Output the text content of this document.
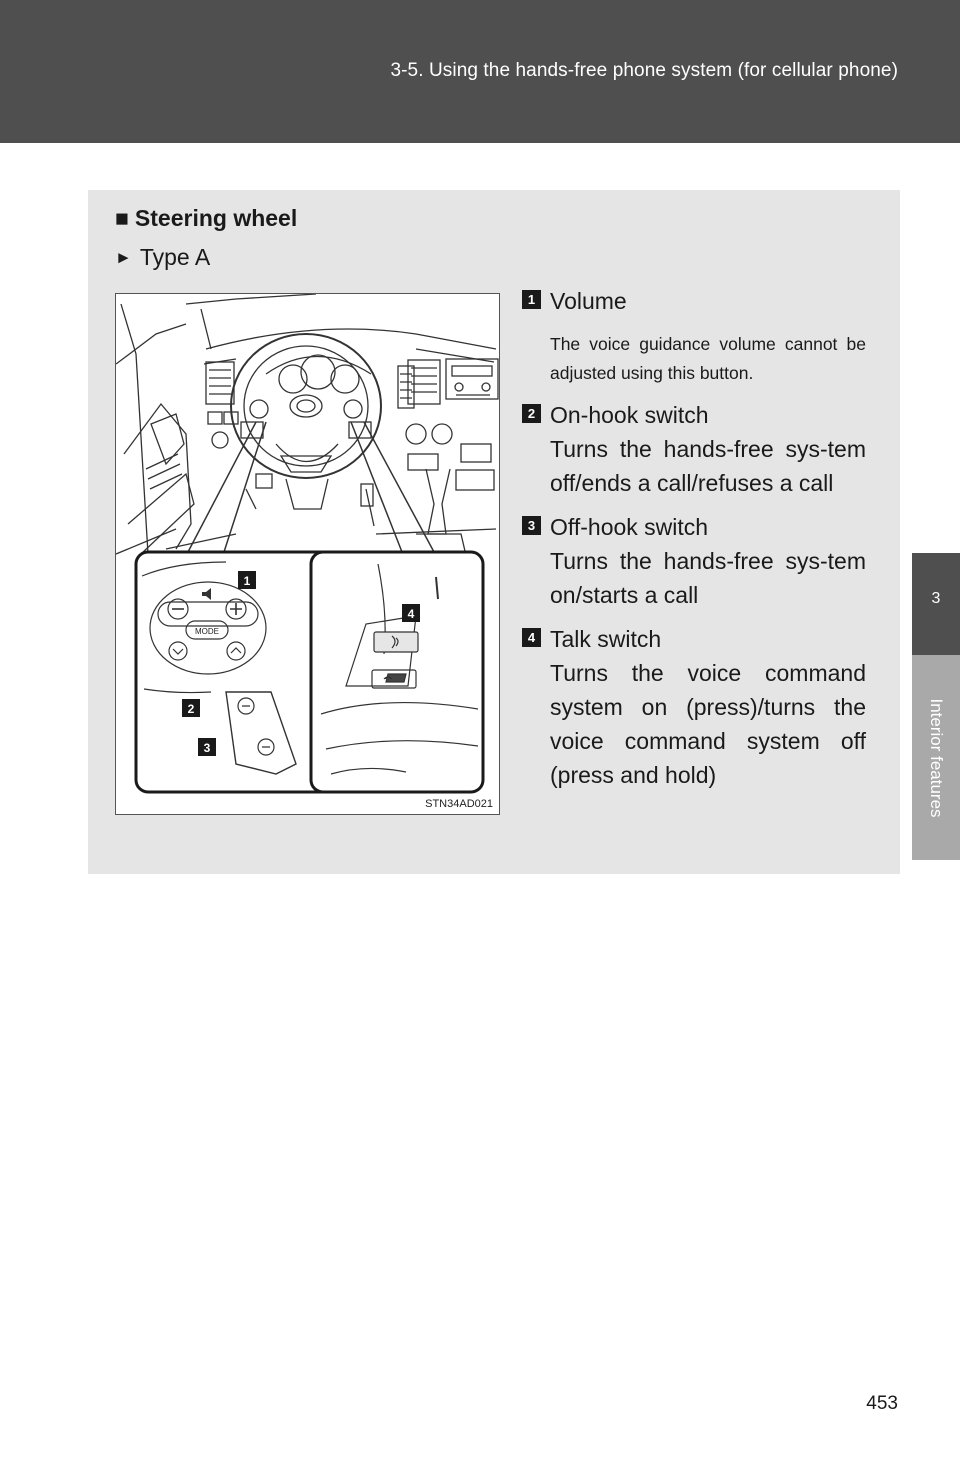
3-5. Using the hands-free phone system (for cellular phone)
3
Interior features
■ Steering wheel
► Type A
MODE
1
4
2
3
STN34AD021
1 Volume
The voice guidance volume cannot be adjusted using this button.
2 On-hook switch
Turns the hands-free sys-tem off/ends a call/refuses a call
3 Off-hook switch
Turns the hands-free sys-tem on/starts a call
4 Talk switch
Turns the voice command system on (press)/turns the voice command system off (press and hold)
453
